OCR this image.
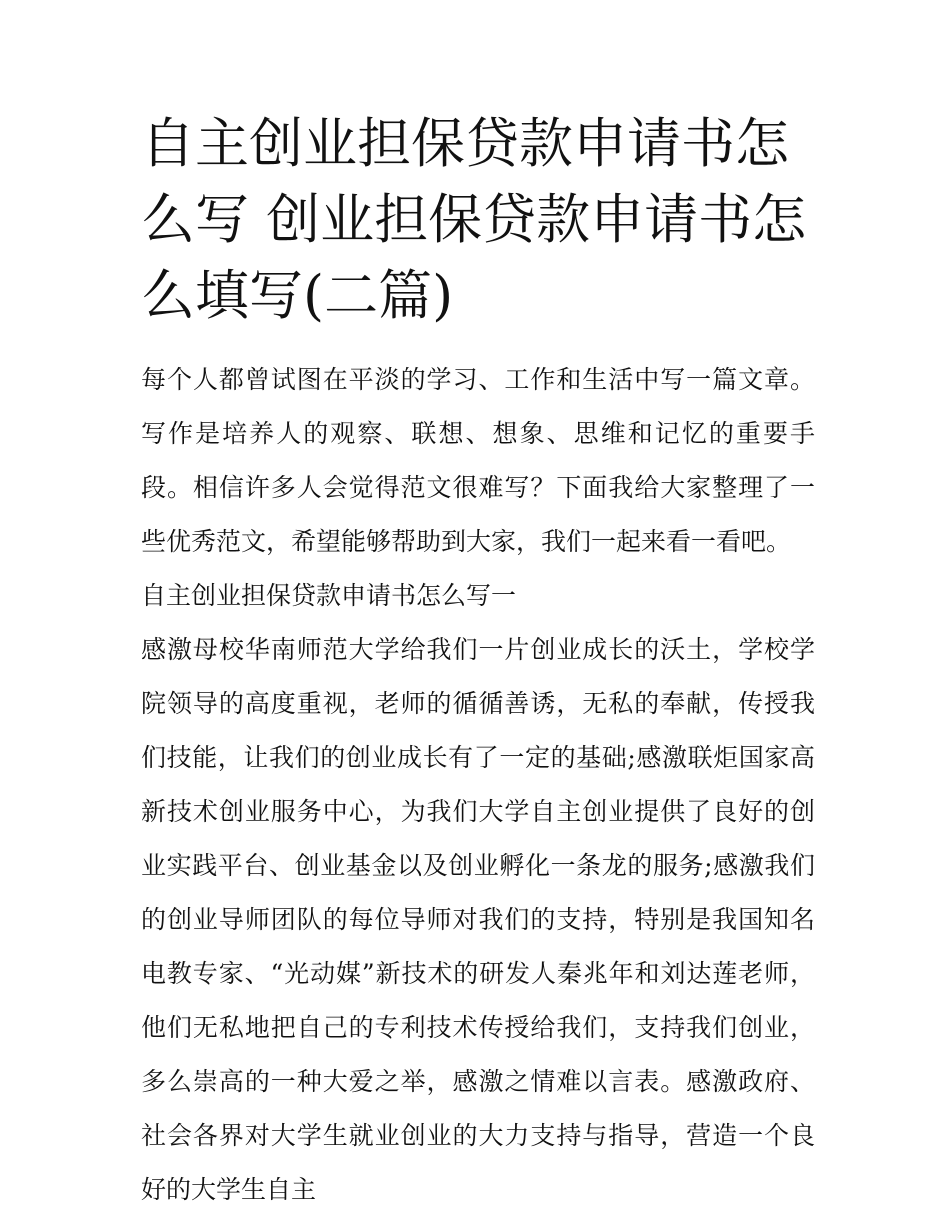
自主创业担保贷款申请书怎么写 创业担保贷款申请书怎么填写(二篇)

每个人都曾试图在平淡的学习、工作和生活中写一篇文章。写作是培养人的观察、联想、想象、思维和记忆的重要手段。相信许多人会觉得范文很难写？下面我给大家整理了一些优秀范文，希望能够帮助到大家，我们一起来看一看吧。

自主创业担保贷款申请书怎么写一

感激母校华南师范大学给我们一片创业成长的沃土，学校学院领导的高度重视，老师的循循善诱，无私的奉献，传授我们技能，让我们的创业成长有了一定的基础;感激联炬国家高新技术创业服务中心，为我们大学自主创业提供了良好的创业实践平台、创业基金以及创业孵化一条龙的服务;感激我们的创业导师团队的每位导师对我们的支持，特别是我国知名电教专家、“光动媒”新技术的研发人秦兆年和刘达莲老师，他们无私地把自己的专利技术传授给我们，支持我们创业，多么崇高的一种大爱之举，感激之情难以言表。感激政府、社会各界对大学生就业创业的大力支持与指导，营造一个良好的大学生自主
